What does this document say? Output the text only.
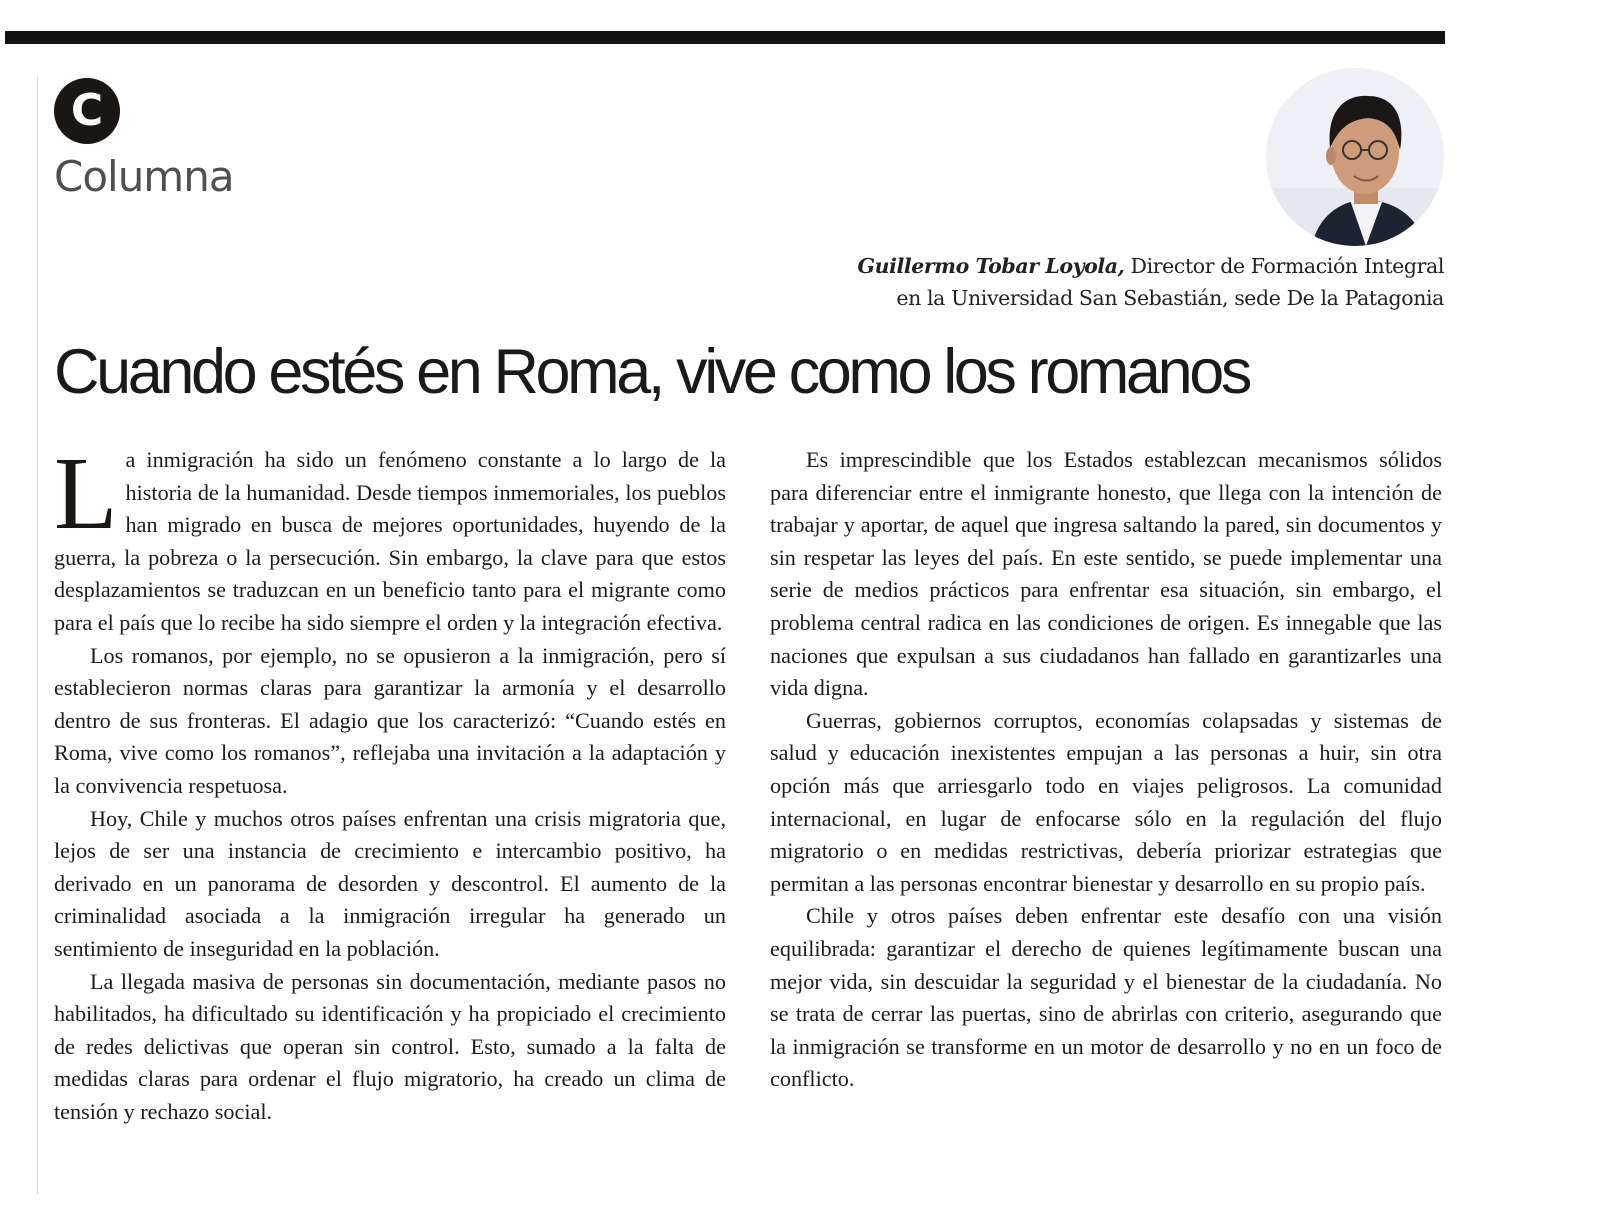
C
Columna
Guillermo Tobar Loyola, Director de Formación Integral
en la Universidad San Sebastián, sede De la Patagonia
Cuando estés en Roma, vive como los romanos

La inmigración ha sido un fenómeno constante a lo largo de la historia de la humanidad. Desde tiempos inmemoriales, los pueblos han migrado en busca de mejores oportunidades, huyendo de la guerra, la pobreza o la persecución. Sin embargo, la clave para que estos desplazamientos se traduzcan en un beneficio tanto para el migrante como para el país que lo recibe ha sido siempre el orden y la integración efectiva.

Los romanos, por ejemplo, no se opusieron a la inmigración, pero sí establecieron normas claras para garantizar la armonía y el desarrollo dentro de sus fronteras. El adagio que los caracterizó: “Cuando estés en Roma, vive como los romanos”, reflejaba una invitación a la adaptación y la convivencia respetuosa.

Hoy, Chile y muchos otros países enfrentan una crisis migratoria que, lejos de ser una instancia de crecimiento e intercambio positivo, ha derivado en un panorama de desorden y descontrol. El aumento de la criminalidad asociada a la inmigración irregular ha generado un sentimiento de inseguridad en la población.

La llegada masiva de personas sin documentación, mediante pasos no habilitados, ha dificultado su identificación y ha propiciado el crecimiento de redes delictivas que operan sin control. Esto, sumado a la falta de medidas claras para ordenar el flujo migratorio, ha creado un clima de tensión y rechazo social.

Es imprescindible que los Estados establezcan mecanismos sólidos para diferenciar entre el inmigrante honesto, que llega con la intención de trabajar y aportar, de aquel que ingresa saltando la pared, sin documentos y sin respetar las leyes del país. En este sentido, se puede implementar una serie de medios prácticos para enfrentar esa situación, sin embargo, el problema central radica en las condiciones de origen. Es innegable que las naciones que expulsan a sus ciudadanos han fallado en garantizarles una vida digna.

Guerras, gobiernos corruptos, economías colapsadas y sistemas de salud y educación inexistentes empujan a las personas a huir, sin otra opción más que arriesgarlo todo en viajes peligrosos. La comunidad internacional, en lugar de enfocarse sólo en la regulación del flujo migratorio o en medidas restrictivas, debería priorizar estrategias que permitan a las personas encontrar bienestar y desarrollo en su propio país.

Chile y otros países deben enfrentar este desafío con una visión equilibrada: garantizar el derecho de quienes legítimamente buscan una mejor vida, sin descuidar la seguridad y el bienestar de la ciudadanía. No se trata de cerrar las puertas, sino de abrirlas con criterio, asegurando que la inmigración se transforme en un motor de desarrollo y no en un foco de conflicto.
